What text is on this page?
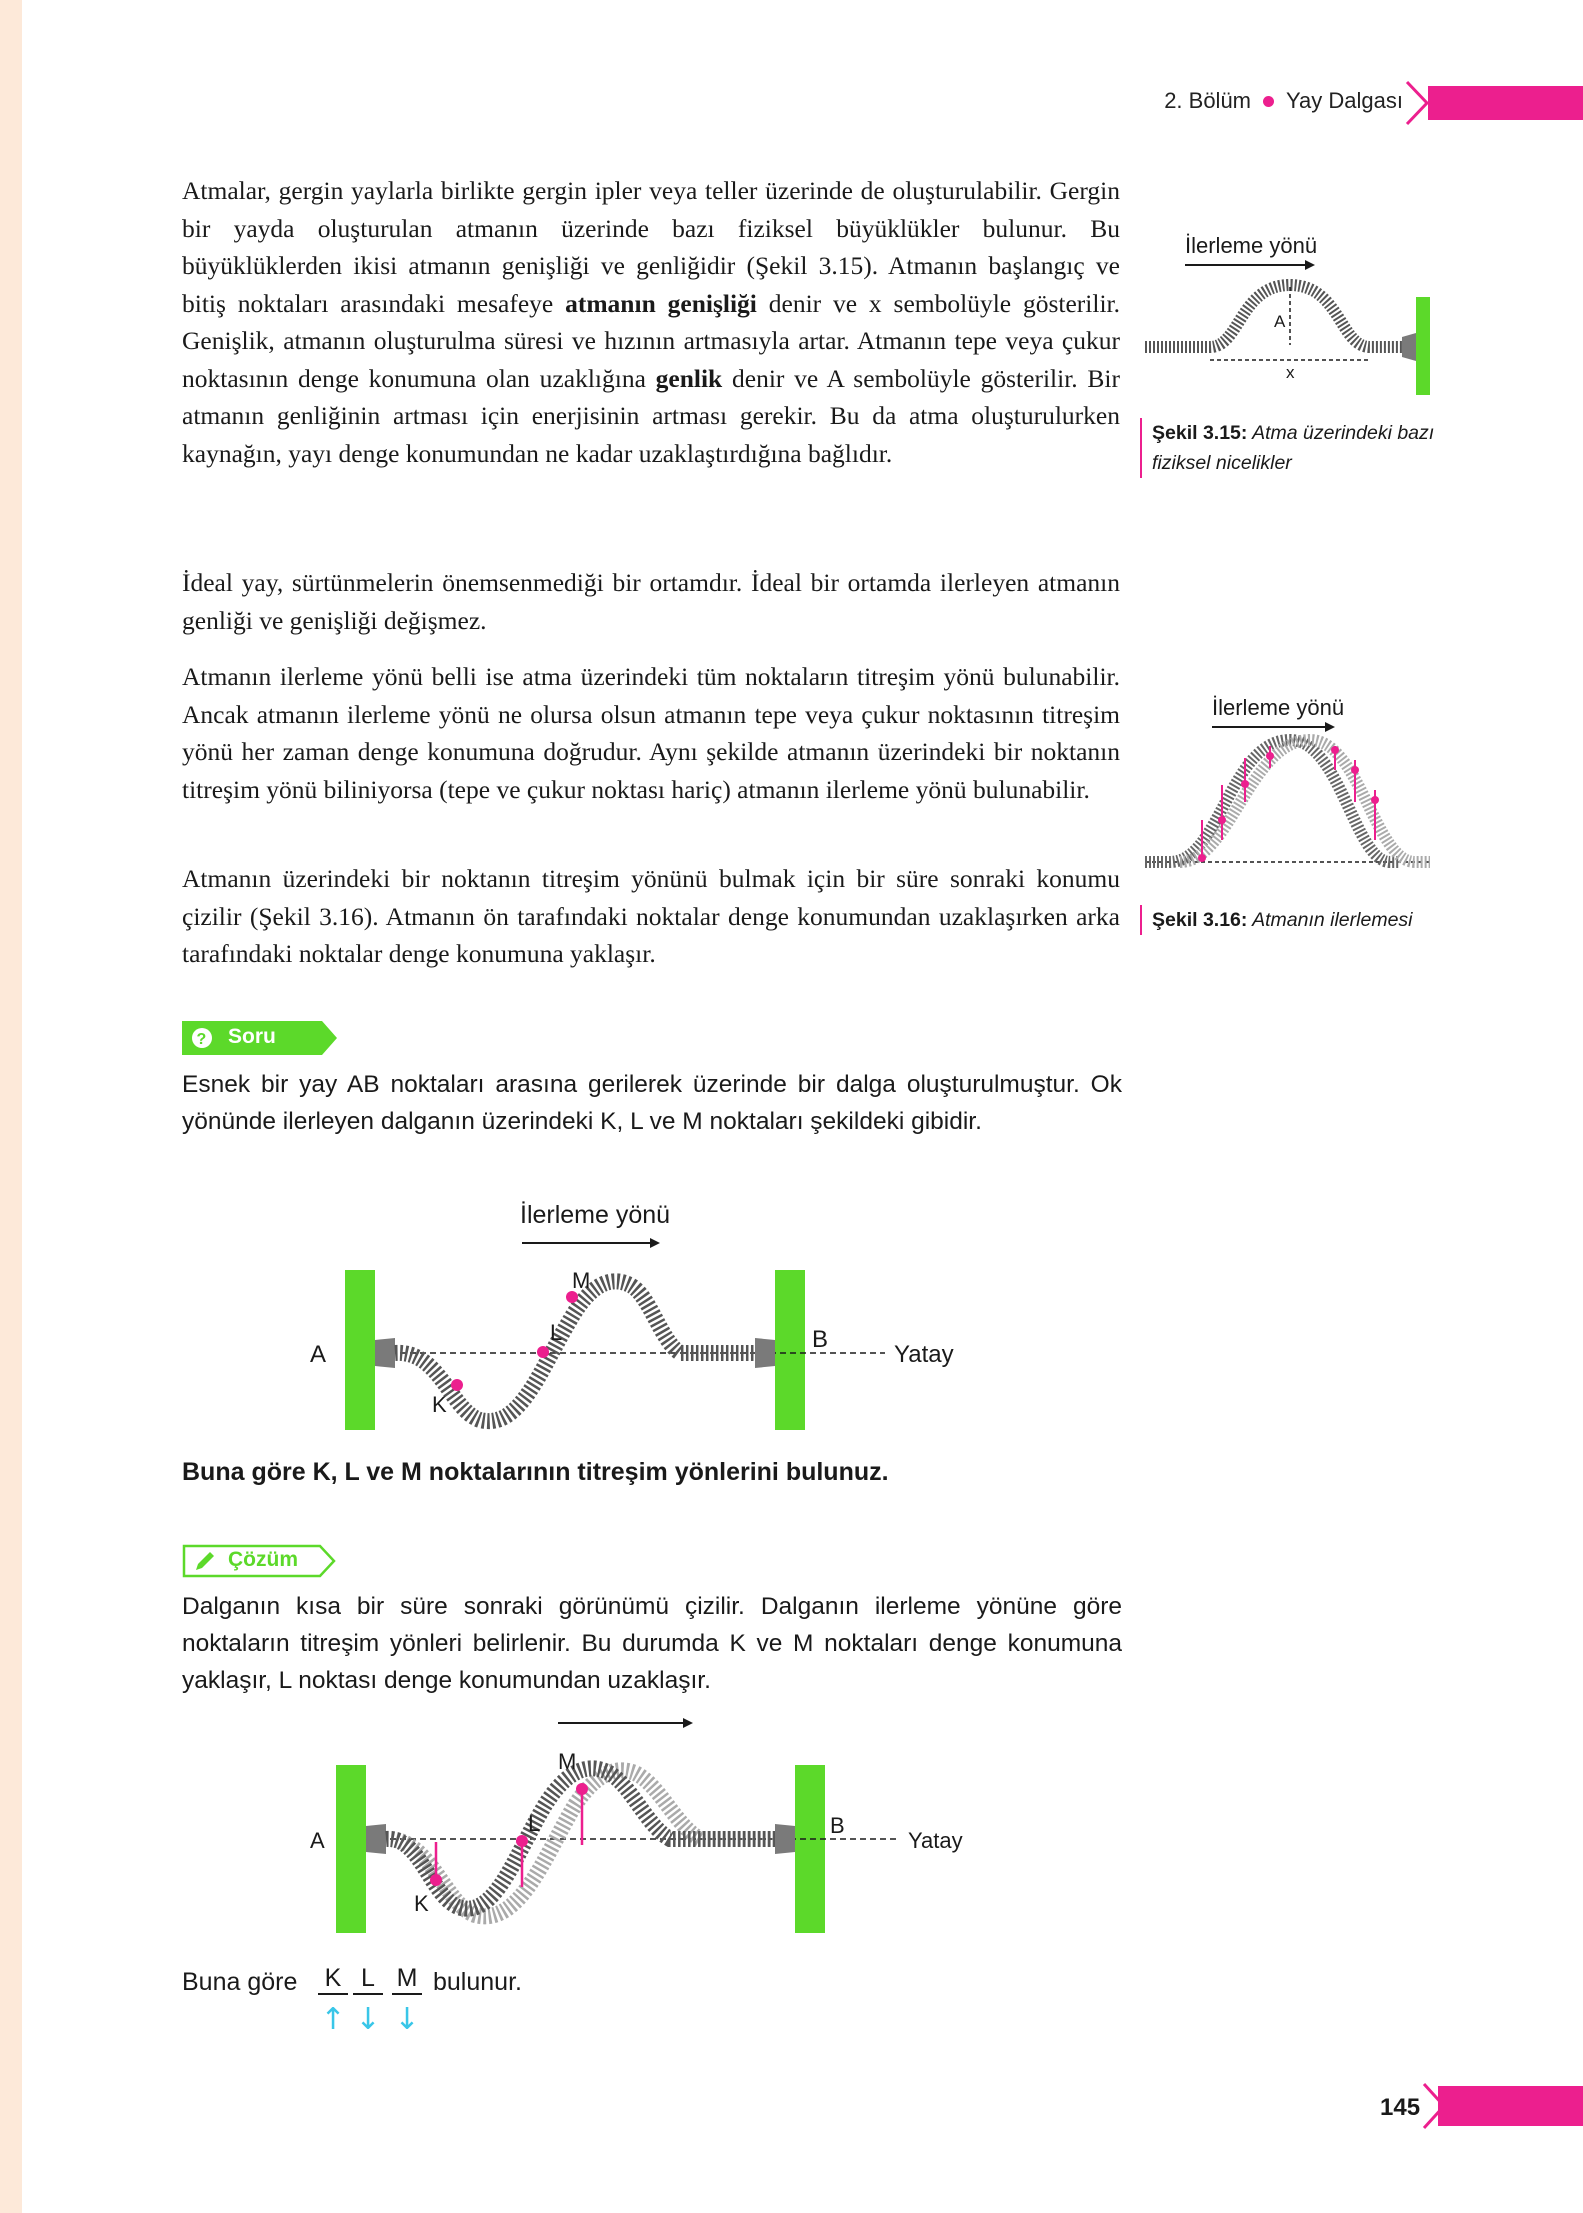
2. Bölüm Yay Dalgası

Atmalar, gergin yaylarla birlikte gergin ipler veya teller üzerinde de oluşturulabilir. Gergin bir yayda oluşturulan atmanın üzerinde bazı fiziksel büyüklükler bulunur. Bu büyüklüklerden ikisi atmanın genişliği ve genliğidir (Şekil 3.15). Atmanın başlangıç ve bitiş noktaları arasındaki mesafeye atmanın genişliği denir ve x sembolüyle gösterilir. Genişlik, atmanın oluşturulma süresi ve hızının artmasıyla artar. Atmanın tepe veya çukur noktasının denge konumuna olan uzaklığına genlik denir ve A sembolüyle gösterilir. Bir atmanın genliğinin artması için enerjisinin artması gerekir. Bu da atma oluşturulurken kaynağın, yayı denge konumundan ne kadar uzaklaştırdığına bağlıdır.

İdeal yay, sürtünmelerin önemsenmediği bir ortamdır. İdeal bir ortamda ilerleyen atmanın genliği ve genişliği değişmez.

Atmanın ilerleme yönü belli ise atma üzerindeki tüm noktaların titreşim yönü bulunabilir. Ancak atmanın ilerleme yönü ne olursa olsun atmanın tepe veya çukur noktasının titreşim yönü her zaman denge konumuna doğrudur. Aynı şekilde atmanın üzerindeki bir noktanın titreşim yönü biliniyorsa (tepe ve çukur noktası hariç) atmanın ilerleme yönü bulunabilir.

Atmanın üzerindeki bir noktanın titreşim yönünü bulmak için bir süre sonraki konumu çizilir (Şekil 3.16). Atmanın ön tarafındaki noktalar denge konumundan uzaklaşırken arka tarafındaki noktalar denge konumuna yaklaşır.

İlerleme yönü
A
x
Şekil 3.15: Atma üzerindeki bazı fiziksel nicelikler
İlerleme yönü
Şekil 3.16: Atmanın ilerlemesi
? Soru

Esnek bir yay AB noktaları arasına gerilerek üzerinde bir dalga oluşturulmuştur. Ok yönünde ilerleyen dalganın üzerindeki K, L ve M noktaları şekildeki gibidir.

İlerleme yönü
A
B
K
L
M
Yatay
Buna göre K, L ve M noktalarının titreşim yönlerini bulunuz.
Çözüm

Dalganın kısa bir süre sonraki görünümü çizilir. Dalganın ilerleme yönüne göre noktaların titreşim yönleri belirlenir. Bu durumda K ve M noktaları denge konumuna yaklaşır, L noktası denge konumundan uzaklaşır.

A
B
K
L
M
Yatay
Buna göre K L M
↑ ↓ ↓
bulunur.
145
